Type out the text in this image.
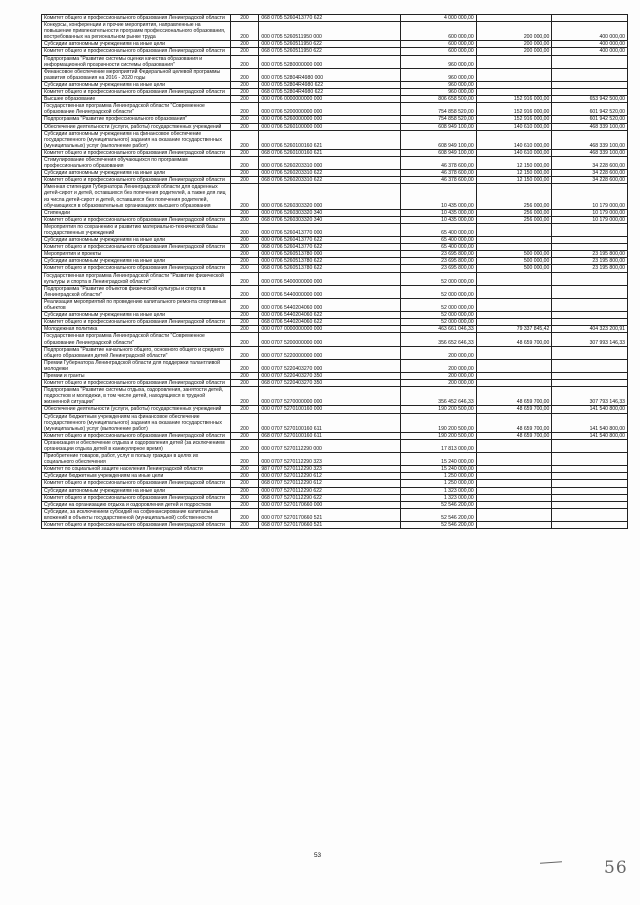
Комитет общего и профессионального образования Ленинградской области	200	068 0705 5260413770 622	4 000 000,00		
Конкурсы, конференции и прочие мероприятия, направленные на повышение привлекательности программ профессионального образования, востребованных на региональном рынке труда	200	000 0705 5260511950 000	600 000,00	200 000,00	400 000,00
Субсидии автономным учреждениям на иные цели	200	000 0705 5260511950 622	600 000,00	200 000,00	400 000,00
Комитет общего и профессионального образования Ленинградской области	200	068 0705 5260511950 622	600 000,00	200 000,00	400 000,00
Подпрограмма "Развитие системы оценки качества образования и информационной прозрачности системы образования"	200	000 0705 5280000000 000	960 000,00		
Финансовое обеспечение мероприятий Федеральной целевой программы развития образования на 2016 - 2020 годы	200	000 0705 52804R4980 000	960 000,00		
Субсидии автономным учреждениям на иные цели	200	000 0705 52804R4980 622	960 000,00		
Комитет общего и профессионального образования Ленинградской области	200	068 0705 52804R4980 622	960 000,00		
Высшее образование	200	000 0706 0000000000 000	806 658 500,00	152 916 000,00	653 942 500,00
Государственная программа Ленинградской области "Современное образование Ленинградской области"	200	000 0706 5200000000 000	754 858 520,00	152 916 000,00	601 942 520,00
Подпрограмма "Развитие профессионального образования"	200	000 0706 5260000000 000	754 858 520,00	152 916 000,00	601 942 520,00
Обеспечение деятельности (услуги, работы) государственных учреждений	200	000 0706 5260100000 000	608 949 100,00	140 610 000,00	468 339 100,00
Субсидии автономным учреждениям на финансовое обеспечение государственного (муниципального) задания на оказание государственных (муниципальных) услуг (выполнение работ)	200	000 0706 5260100160 621	608 949 100,00	140 610 000,00	468 339 100,00
Комитет общего и профессионального образования Ленинградской области	200	068 0706 5260100160 621	608 949 100,00	140 610 000,00	468 339 100,00
Стимулирование обеспечения обучающихся по программам профессионального образования	200	000 0706 5260203310 000	46 378 600,00	12 150 000,00	34 228 600,00
Субсидии автономным учреждениям на иные цели	200	000 0706 5260203310 622	46 378 600,00	12 150 000,00	34 228 600,00
Комитет общего и профессионального образования Ленинградской области	200	068 0706 5260203310 622	46 378 600,00	12 150 000,00	34 228 600,00
Именная стипендия Губернатора Ленинградской области для одаренных детей-сирот и детей, оставшихся без попечения родителей, а также для лиц из числа детей-сирот и детей, оставшихся без попечения родителей, обучающихся в образовательных организациях высшего образования	200	000 0706 5260303320 000	10 435 000,00	256 000,00	10 179 000,00
Стипендии	200	000 0706 5260303320 340	10 435 000,00	256 000,00	10 179 000,00
Комитет общего и профессионального образования Ленинградской области	200	068 0706 5260303320 340	10 435 000,00	256 000,00	10 179 000,00
Мероприятия по сохранению и развитию материально-технической базы государственных учреждений	200	000 0706 5260413770 000	65 400 000,00		
Субсидии автономным учреждениям на иные цели	200	000 0706 5260413770 622	65 400 000,00		
Комитет общего и профессионального образования Ленинградской области	200	068 0706 5260413770 622	65 400 000,00		
Мероприятия и проекты	200	000 0706 5260513780 000	23 695 800,00	500 000,00	23 195 800,00
Субсидии автономным учреждениям на иные цели	200	000 0706 5260513780 622	23 695 800,00	500 000,00	23 195 800,00
Комитет общего и профессионального образования Ленинградской области	200	068 0706 5260513780 622	23 695 800,00	500 000,00	23 195 800,00
Государственная программа Ленинградской области "Развитие физической культуры и спорта в Ленинградской области"	200	000 0706 5400000000 000	52 000 000,00		
Подпрограмма "Развитие объектов физической культуры и спорта в Ленинградской области"	200	000 0706 5440000000 000	52 000 000,00		
Реализация мероприятий по проведению капитального ремонта спортивных объектов	200	000 0706 5440204060 000	52 000 000,00		
Субсидии автономным учреждениям на иные цели	200	000 0706 5440204060 622	52 000 000,00		
Комитет общего и профессионального образования Ленинградской области	200	068 0706 5440204060 622	52 000 000,00		
Молодежная политика	200	000 0707 0000000000 000	463 661 046,33	79 337 845,42	404 323 200,91
Государственная программа Ленинградской области "Современное образование Ленинградской области"	200	000 0707 5200000000 000	356 652 646,33	48 659 700,00	307 993 146,33
Подпрограмма "Развитие начального общего, основного общего и среднего общего образования детей Ленинградской области"	200	000 0707 5220000000 000	200 000,00		
Премии Губернатора Ленинградской области для поддержки талантливой молодежи	200	000 0707 5220403270 000	200 000,00		
Премии и гранты	200	000 0707 5220403270 350	200 000,00		
Комитет общего и профессионального образования Ленинградской области	200	068 0707 5220403270 350	200 000,00		
Подпрограмма "Развитие системы отдыха, оздоровления, занятости детей, подростков и молодежи, в том числе детей, находящихся в трудной жизненной ситуации"	200	000 0707 5270000000 000	356 452 646,33	48 659 700,00	307 793 146,33
Обеспечение деятельности (услуги, работы) государственных учреждений	200	000 0707 5270100160 000	190 200 500,00	48 659 700,00	141 540 800,00
Субсидии бюджетным учреждениям на финансовое обеспечение государственного (муниципального) задания на оказание государственных (муниципальных) услуг (выполнение работ)	200	000 0707 5270100160 611	190 200 500,00	48 659 700,00	141 540 800,00
Комитет общего и профессионального образования Ленинградской области	200	068 0707 5270100160 611	190 200 500,00	48 659 700,00	141 540 800,00
Организация и обеспечение отдыха и оздоровления детей (за исключением организации отдыха детей в каникулярное время)	200	000 0707 5270112290 000	17 813 000,00		
Приобретение товаров, работ, услуг в пользу граждан в целях их социального обеспечения	200	000 0707 5270112290 323	15 240 000,00		
Комитет по социальной защите населения Ленинградской области	200	987 0707 5270112290 323	15 240 000,00		
Субсидии бюджетным учреждениям на иные цели	200	000 0707 5270112290 612	1 250 000,00		
Комитет общего и профессионального образования Ленинградской области	200	068 0707 5270112290 612	1 250 000,00		
Субсидии автономным учреждениям на иные цели	200	000 0707 5270112290 622	1 323 000,00		
Комитет общего и профессионального образования Ленинградской области	200	068 0707 5270112290 622	1 323 000,00		
Субсидии на организацию отдыха и оздоровления детей и подростков	200	000 0707 5270170660 000	52 546 200,00		
Субсидии, за исключением субсидий на софинансирование капитальных вложений в объекты государственной (муниципальной) собственности	200	000 0707 5270170660 521	52 546 200,00		
Комитет общего и профессионального образования Ленинградской области	200	068 0707 5270170660 521	52 546 200,00		
53
56
